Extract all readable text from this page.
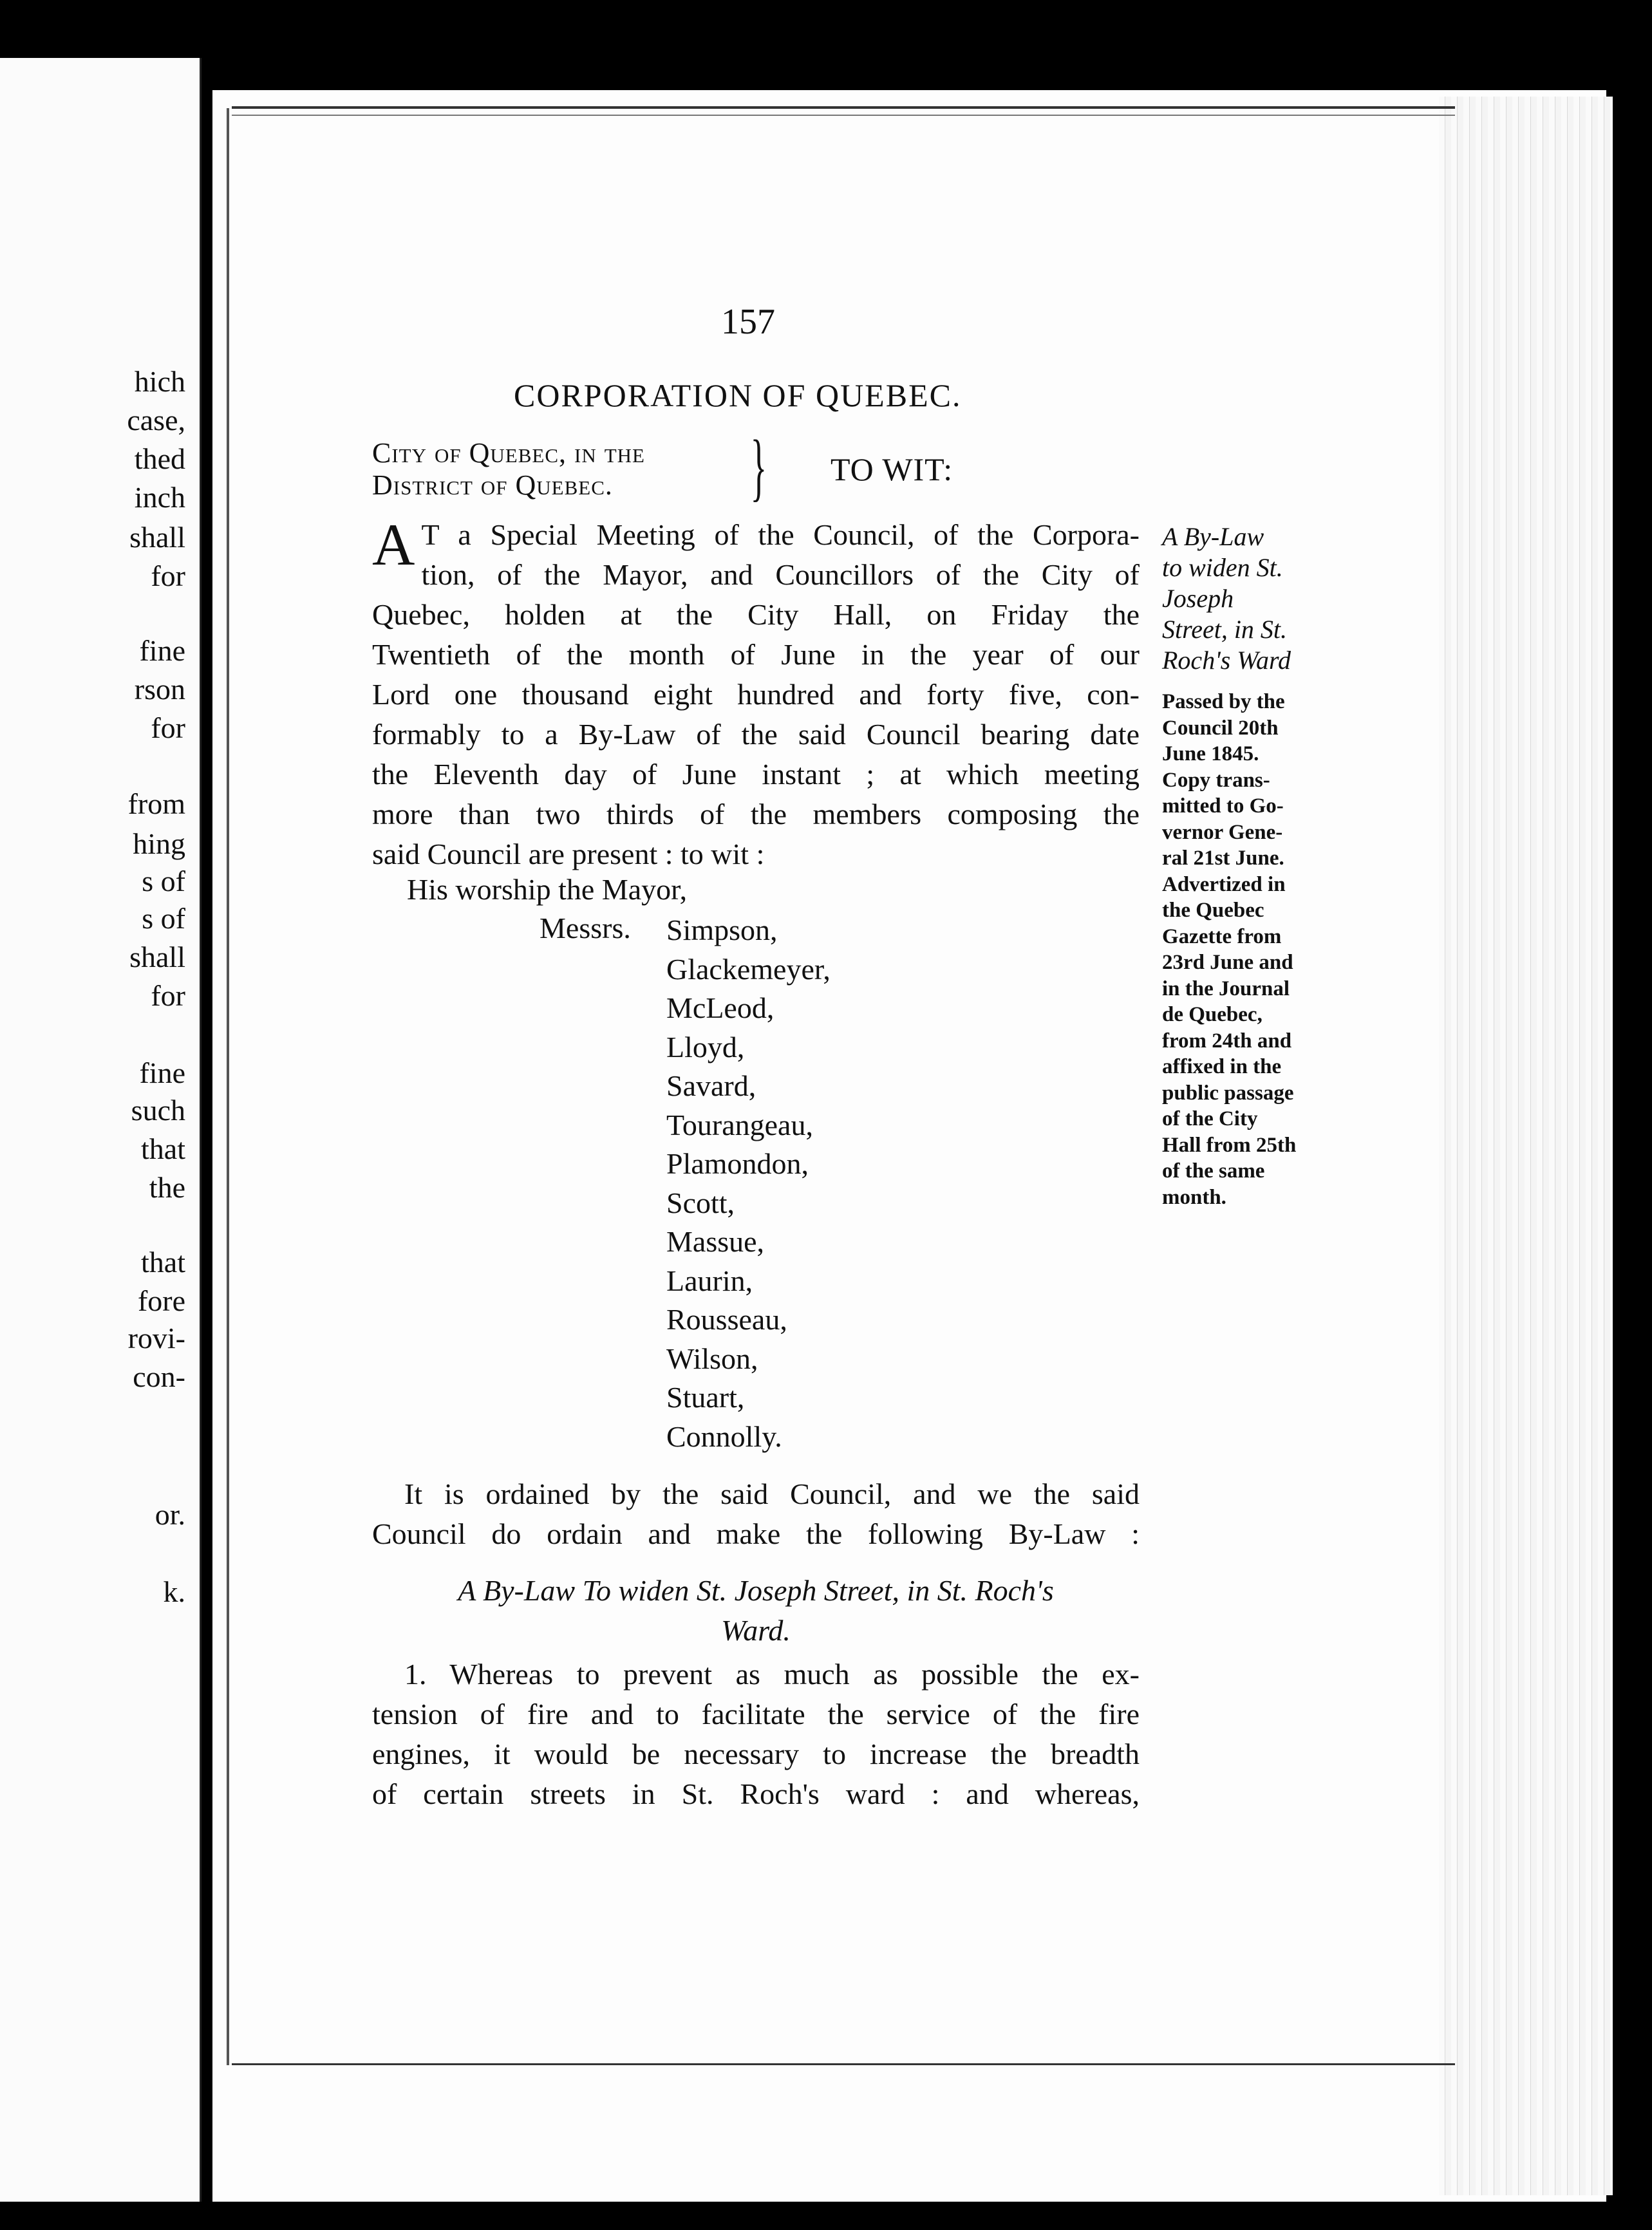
hich
case,
thed
inch
shall
for
fine
rson
for
from
hing
s of
s of
shall
for
fine
such
that
the
that
fore
rovi-
con-
or.
k.
157
CORPORATION OF QUEBEC.
City of Quebec, in the
District of Quebec. } TO WIT:
A T a Special Meeting of the Council, of the Corpora-
tion, of the Mayor, and Councillors of the City of
Quebec, holden at the City Hall, on Friday the
Twentieth of the month of June in the year of our
Lord one thousand eight hundred and forty five, con-
formably to a By-Law of the said Council bearing date
the Eleventh day of June instant ; at which meeting
more than two thirds of the members composing the
said Council are present : to wit :
His worship the Mayor,
Messrs. Simpson,
Glackemeyer,
McLeod,
Lloyd,
Savard,
Tourangeau,
Plamondon,
Scott,
Massue,
Laurin,
Rousseau,
Wilson,
Stuart,
Connolly.
It is ordained by the said Council, and we the said
Council do ordain and make the following By-Law :
A By-Law To widen St. Joseph Street, in St. Roch's
Ward.
1. Whereas to prevent as much as possible the ex-
tension of fire and to facilitate the service of the fire
engines, it would be necessary to increase the breadth
of certain streets in St. Roch's ward : and whereas,
A By-Law
to widen St.
Joseph
Street, in St.
Roch's Ward
Passed by the
Council 20th
June 1845.
Copy trans-
mitted to Go-
vernor Gene-
ral 21st June.
Advertized in
the Quebec
Gazette from
23rd June and
in the Journal
de Quebec,
from 24th and
affixed in the
public passage
of the City
Hall from 25th
of the same
month.
